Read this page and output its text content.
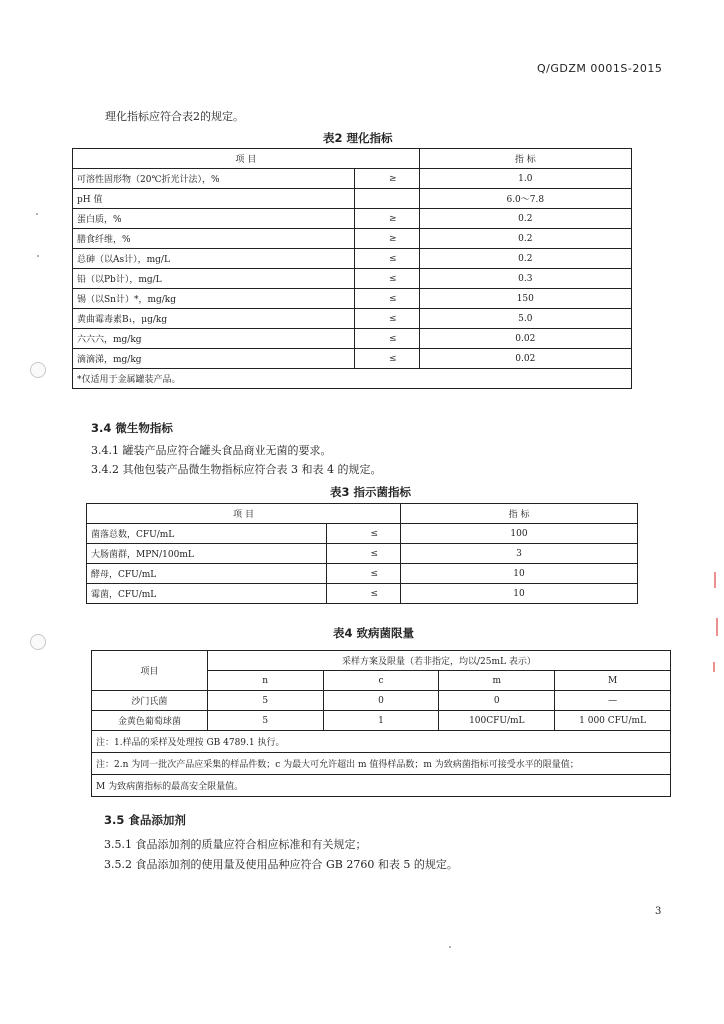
Q/GDZM 0001S-2015
理化指标应符合表2的规定。
表2 理化指标
项 目		指 标
可溶性固形物（20℃折光计法），%	≥	1.0
pH 值		6.0～7.8
蛋白质，%	≥	0.2
膳食纤维，%	≥	0.2
总砷（以As计），mg/L	≤	0.2
铅（以Pb计），mg/L	≤	0.3
锡（以Sn计）*，mg/kg	≤	150
黄曲霉毒素B₁，μg/kg	≤	5.0
六六六，mg/kg	≤	0.02
滴滴涕，mg/kg	≤	0.02
*仅适用于金属罐装产品。		
3.4 微生物指标
3.4.1 罐装产品应符合罐头食品商业无菌的要求。
3.4.2 其他包装产品微生物指标应符合表 3 和表 4 的规定。
表3 指示菌指标
项 目		指 标
菌落总数，CFU/mL	≤	100
大肠菌群，MPN/100mL	≤	3
酵母，CFU/mL	≤	10
霉菌，CFU/mL	≤	10
表4 致病菌限量
项目	采样方案及限量（若非指定，均以/25mL 表示）			
	n	c	m	M
沙门氏菌	5	0	0	—
金黄色葡萄球菌	5	1	100CFU/mL	1 000 CFU/mL
注：1.样品的采样及处理按 GB 4789.1 执行。				
注：2.n 为同一批次产品应采集的样品件数；c 为最大可允许超出 m 值得样品数；m 为致病菌指标可接受水平的限量值；				
M 为致病菌指标的最高安全限量值。				
3.5 食品添加剂
3.5.1 食品添加剂的质量应符合相应标准和有关规定；
3.5.2 食品添加剂的使用量及使用品种应符合 GB 2760 和表 5 的规定。
3
